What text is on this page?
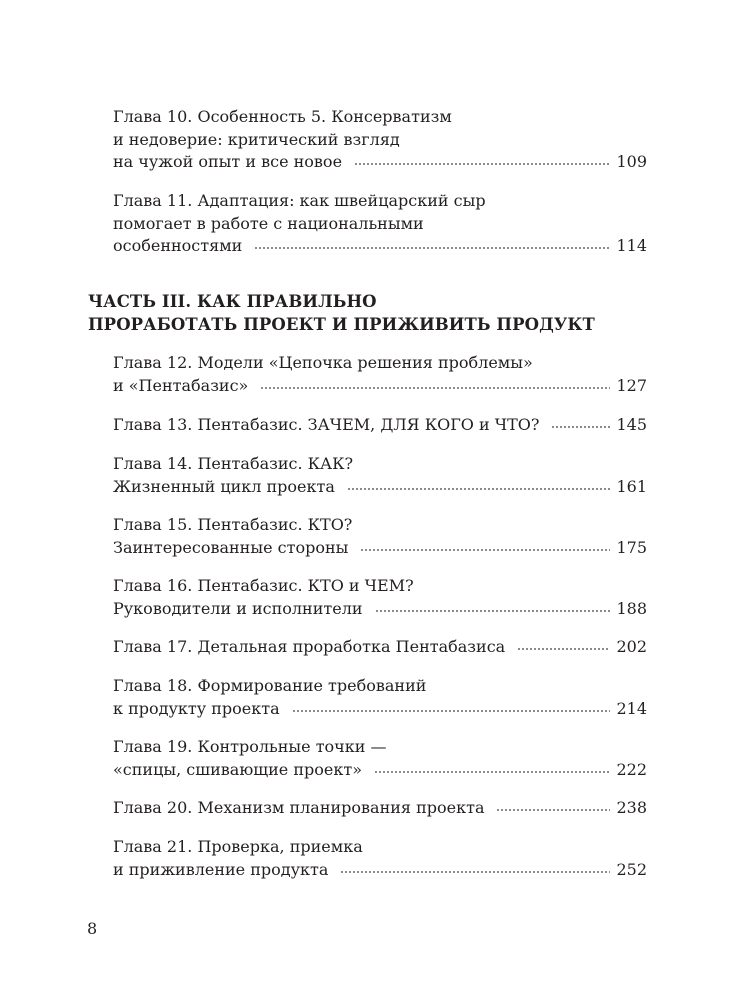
Глава 10. Особенность 5. Консерватизм
и недоверие: критический взгляд
на чужой опыт и все новое	109
Глава 11. Адаптация: как швейцарский сыр
помогает в работе с национальными
особенностями	114
ЧАСТЬ III. КАК ПРАВИЛЬНО
ПРОРАБОТАТЬ ПРОЕКТ И ПРИЖИВИТЬ ПРОДУКТ
Глава 12. Модели «Цепочка решения проблемы»
и «Пентабазис»	127
Глава 13. Пентабазис. ЗАЧЕМ, ДЛЯ КОГО и ЧТО?	145
Глава 14. Пентабазис. КАК?
Жизненный цикл проекта	161
Глава 15. Пентабазис. КТО?
Заинтересованные стороны	175
Глава 16. Пентабазис. КТО и ЧЕМ?
Руководители и исполнители	188
Глава 17. Детальная проработка Пентабазиса	202
Глава 18. Формирование требований
к продукту проекта	214
Глава 19. Контрольные точки —
«спицы, сшивающие проект»	222
Глава 20. Механизм планирования проекта	238
Глава 21. Проверка, приемка
и приживление продукта	252
8
